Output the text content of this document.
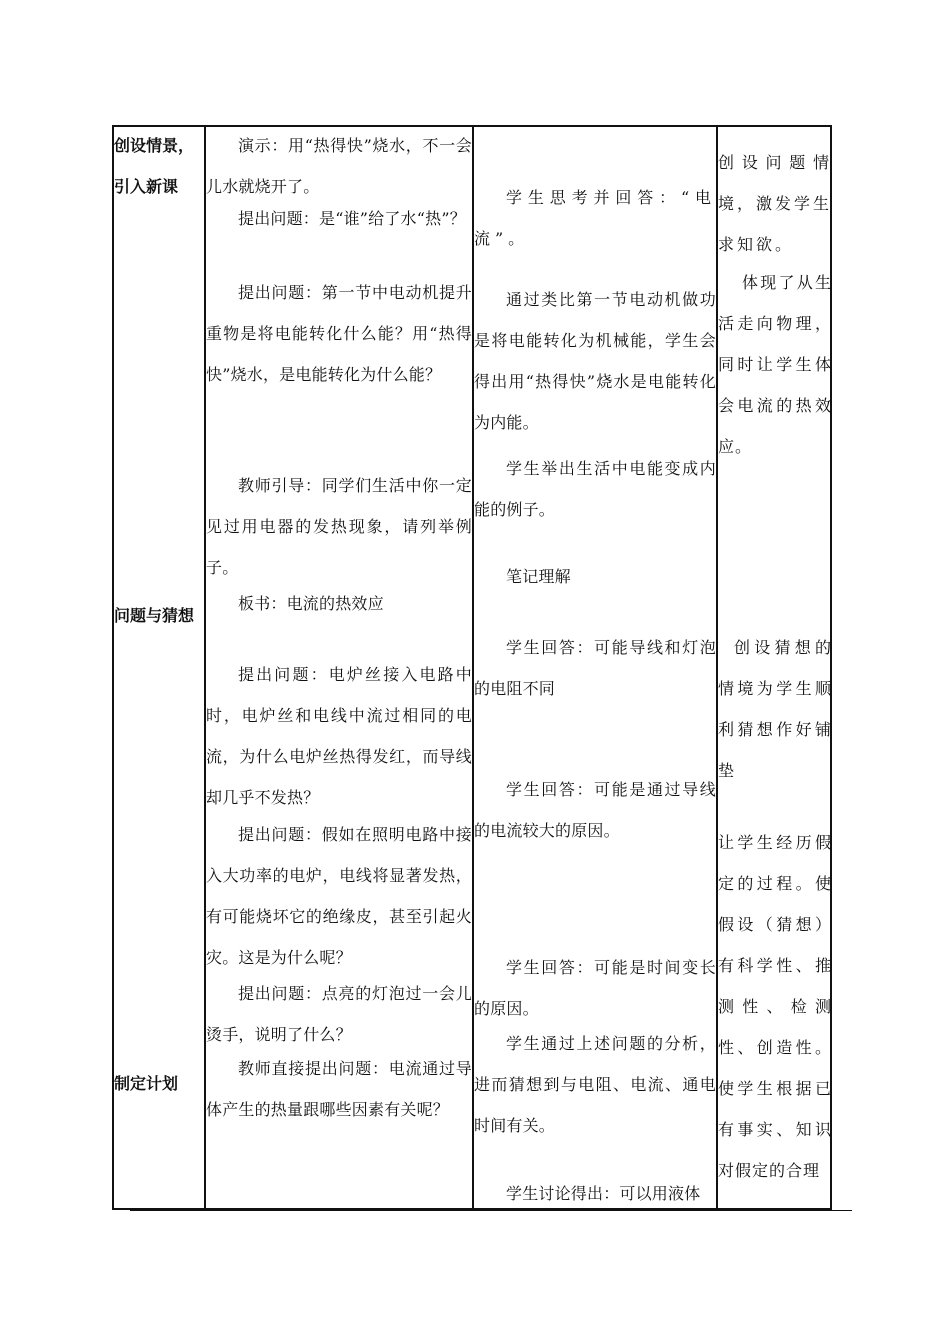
创设情景，引入新课

问题与猜想

制定计划

演示：用“热得快”烧水，不一会儿水就烧开了。

提出问题：是“谁”给了水“热”？

提出问题：第一节中电动机提升重物是将电能转化什么能？用“热得快”烧水，是电能转化为什么能？

教师引导：同学们生活中你一定见过用电器的发热现象，请列举例子。

板书：电流的热效应

提出问题：电炉丝接入电路中时，电炉丝和电线中流过相同的电流，为什么电炉丝热得发红，而导线却几乎不发热？

提出问题：假如在照明电路中接入大功率的电炉，电线将显著发热，有可能烧坏它的绝缘皮，甚至引起火灾。这是为什么呢？

提出问题：点亮的灯泡过一会儿烫手，说明了什么？

教师直接提出问题：电流通过导体产生的热量跟哪些因素有关呢？

学生思考并回答：“电流”。

通过类比第一节电动机做功是将电能转化为机械能，学生会得出用“热得快”烧水是电能转化为内能。

学生举出生活中电能变成内能的例子。

笔记理解

学生回答：可能导线和灯泡的电阻不同

学生回答：可能是通过导线的电流较大的原因。

学生回答：可能是时间变长的原因。

学生通过上述问题的分析，进而猜想到与电阻、电流、通电时间有关。

学生讨论得出：可以用液体

创设问题情境，激发学生求知欲。

体现了从生活走向物理，同时让学生体会电流的热效应。

创设猜想的情境为学生顺利猜想作好铺垫

让学生经历假定的过程。使假设（猜想）有科学性、推测性、检测性、创造性。使学生根据已有事实、知识对假定的合理
